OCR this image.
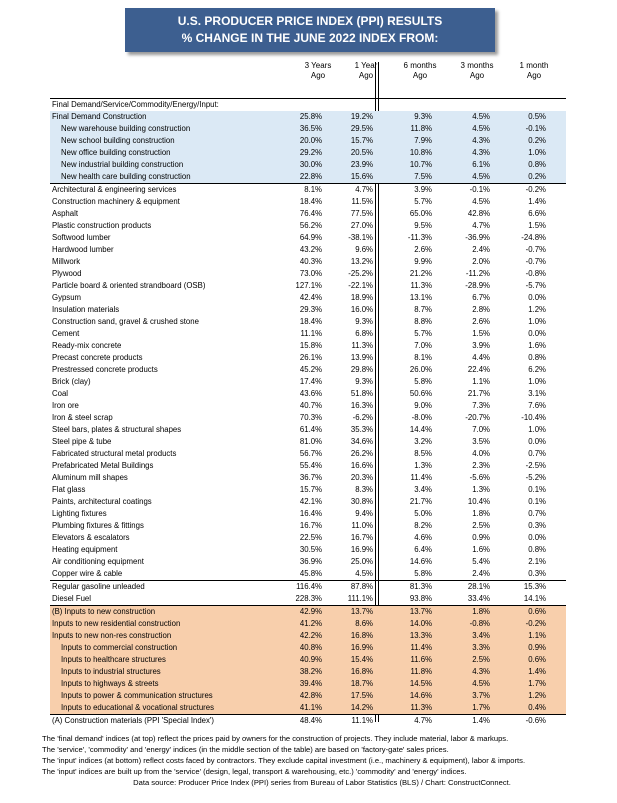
U.S. PRODUCER PRICE INDEX (PPI) RESULTS
% CHANGE IN THE JUNE 2022 INDEX FROM:
3 Years
Ago
1 Year
Ago
6 months
Ago
3 months
Ago
1 month
Ago
Final Demand/Service/Commodity/Energy/Input:						
Final Demand Construction	25.8%	19.2%	9.3%	4.5%	0.5%	
New warehouse building construction	36.5%	29.5%	11.8%	4.5%	-0.1%	
New school building construction	20.0%	15.7%	7.9%	4.3%	0.2%	
New office building construction	29.2%	20.5%	10.8%	4.3%	1.0%	
New industrial building construction	30.0%	23.9%	10.7%	6.1%	0.8%	
New health care building construction	22.8%	15.6%	7.5%	4.5%	0.2%	
Architectural & engineering services	8.1%	4.7%	3.9%	-0.1%	-0.2%	
Construction machinery & equipment	18.4%	11.5%	5.7%	4.5%	1.4%	
Asphalt	76.4%	77.5%	65.0%	42.8%	6.6%	
Plastic construction products	56.2%	27.0%	9.5%	4.7%	1.5%	
Softwood lumber	64.9%	-38.1%	-11.3%	-36.9%	-24.8%	
Hardwood lumber	43.2%	9.6%	2.6%	2.4%	-0.7%	
Millwork	40.3%	13.2%	9.9%	2.0%	-0.7%	
Plywood	73.0%	-25.2%	21.2%	-11.2%	-0.8%	
Particle board & oriented strandboard (OSB)	127.1%	-22.1%	11.3%	-28.9%	-5.7%	
Gypsum	42.4%	18.9%	13.1%	6.7%	0.0%	
Insulation materials	29.3%	16.0%	8.7%	2.8%	1.2%	
Construction sand, gravel & crushed stone	18.4%	9.3%	8.8%	2.6%	1.0%	
Cement	11.1%	6.8%	5.7%	1.5%	0.0%	
Ready-mix concrete	15.8%	11.3%	7.0%	3.9%	1.6%	
Precast concrete products	26.1%	13.9%	8.1%	4.4%	0.8%	
Prestressed concrete products	45.2%	29.8%	26.0%	22.4%	6.2%	
Brick (clay)	17.4%	9.3%	5.8%	1.1%	1.0%	
Coal	43.6%	51.8%	50.6%	21.7%	3.1%	
Iron ore	40.7%	16.3%	9.0%	7.3%	7.6%	
Iron & steel scrap	70.3%	-6.2%	-8.0%	-20.7%	-10.4%	
Steel bars, plates & structural shapes	61.4%	35.3%	14.4%	7.0%	1.0%	
Steel pipe & tube	81.0%	34.6%	3.2%	3.5%	0.0%	
Fabricated structural metal products	56.7%	26.2%	8.5%	4.0%	0.7%	
Prefabricated Metal Buildings	55.4%	16.6%	1.3%	2.3%	-2.5%	
Aluminum mill shapes	36.7%	20.3%	11.4%	-5.6%	-5.2%	
Flat glass	15.7%	8.3%	3.4%	1.3%	0.1%	
Paints, architectural coatings	42.1%	30.8%	21.7%	10.4%	0.1%	
Lighting fixtures	16.4%	9.4%	5.0%	1.8%	0.7%	
Plumbing fixtures & fittings	16.7%	11.0%	8.2%	2.5%	0.3%	
Elevators & escalators	22.5%	16.7%	4.6%	0.9%	0.0%	
Heating equipment	30.5%	16.9%	6.4%	1.6%	0.8%	
Air conditioning equipment	36.9%	25.0%	14.6%	5.4%	2.1%	
Copper wire & cable	45.8%	4.5%	5.8%	2.4%	0.3%	
Regular gasoline unleaded	116.4%	87.8%	81.3%	28.1%	15.3%	
Diesel Fuel	228.3%	111.1%	93.8%	33.4%	14.1%	
(B) Inputs to new construction	42.9%	13.7%	13.7%	1.8%	0.6%	
Inputs to new residential construction	41.2%	8.6%	14.0%	-0.8%	-0.2%	
Inputs to new non-res construction	42.2%	16.8%	13.3%	3.4%	1.1%	
Inputs to commercial construction	40.8%	16.9%	11.4%	3.3%	0.9%	
Inputs to healthcare structures	40.9%	15.4%	11.6%	2.5%	0.6%	
Inputs to industrial structures	38.2%	16.8%	11.8%	4.3%	1.4%	
Inputs to highways & streets	39.4%	18.7%	14.5%	4.5%	1.7%	
Inputs to power & communication structures	42.8%	17.5%	14.6%	3.7%	1.2%	
Inputs to educational & vocational structures	41.1%	14.2%	11.3%	1.7%	0.4%	
(A) Construction materials (PPI 'Special Index')	48.4%	11.1%	4.7%	1.4%	-0.6%	
The 'final demand' indices (at top) reflect the prices paid by owners for the construction of projects. They include material, labor & markups.
The 'service', 'commodity' and 'energy' indices (in the middle section of the table) are based on 'factory-gate' sales prices.
The 'input' indices (at bottom) reflect costs faced by contractors. They exclude capital investment (i.e., machinery & equipment), labor & imports.
The 'input' indices are built up from the 'service' (design, legal, transport & warehousing, etc.) 'commodity' and 'energy' indices.
Data source: Producer Price Index (PPI) series from Bureau of Labor Statistics (BLS) / Chart: ConstructConnect.
